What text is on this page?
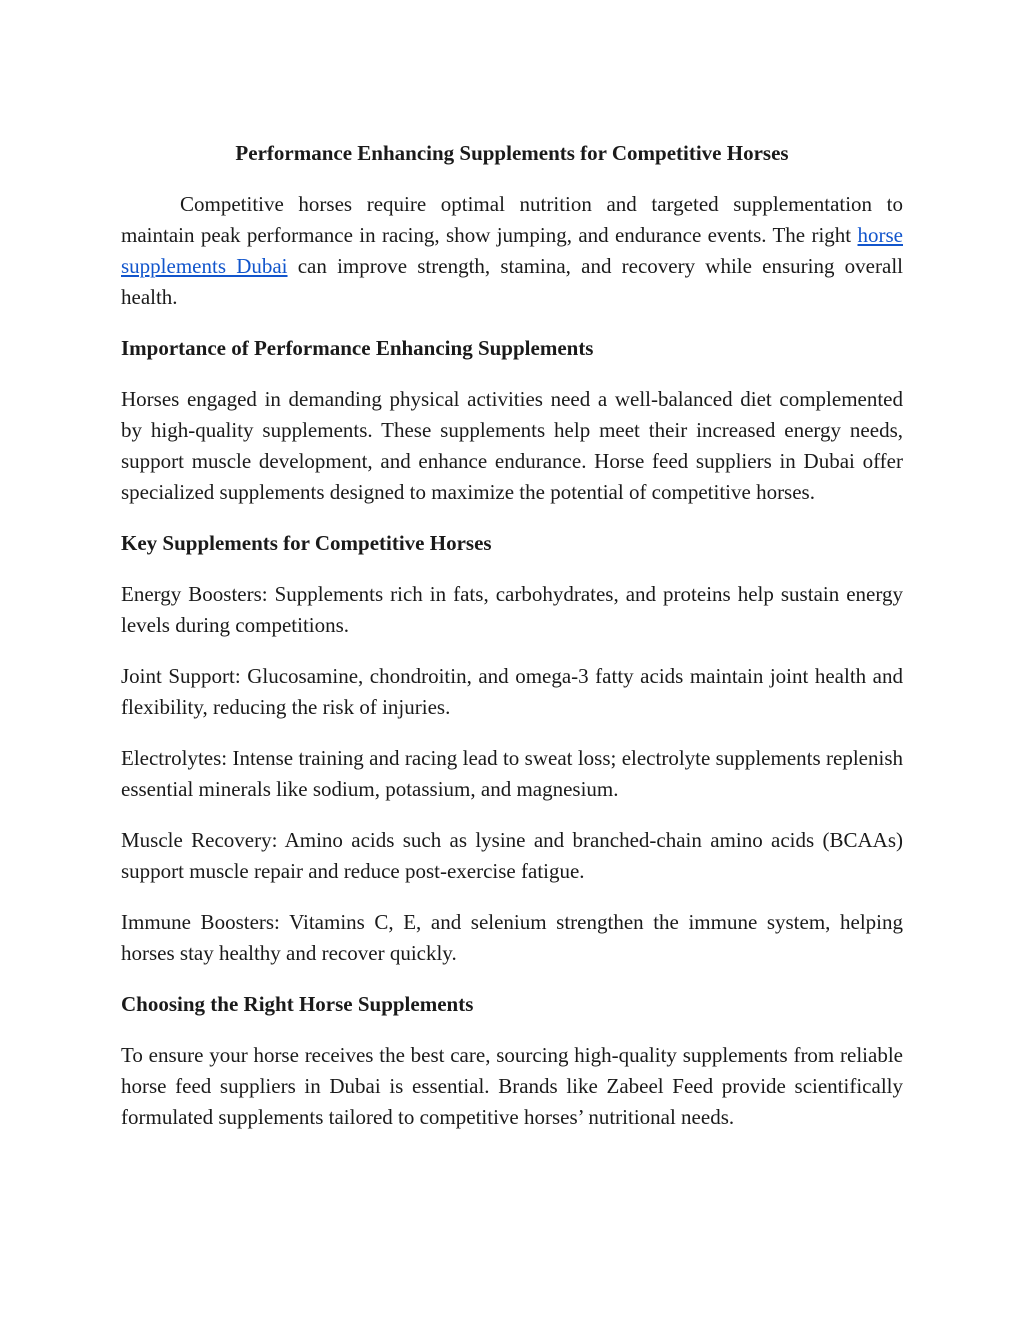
Performance Enhancing Supplements for Competitive Horses

Competitive horses require optimal nutrition and targeted supplementation to maintain peak performance in racing, show jumping, and endurance events. The right horse supplements Dubai can improve strength, stamina, and recovery while ensuring overall health.

Importance of Performance Enhancing Supplements

Horses engaged in demanding physical activities need a well-balanced diet complemented by high-quality supplements. These supplements help meet their increased energy needs, support muscle development, and enhance endurance. Horse feed suppliers in Dubai offer specialized supplements designed to maximize the potential of competitive horses.

Key Supplements for Competitive Horses

Energy Boosters: Supplements rich in fats, carbohydrates, and proteins help sustain energy levels during competitions.

Joint Support: Glucosamine, chondroitin, and omega-3 fatty acids maintain joint health and flexibility, reducing the risk of injuries.

Electrolytes: Intense training and racing lead to sweat loss; electrolyte supplements replenish essential minerals like sodium, potassium, and magnesium.

Muscle Recovery: Amino acids such as lysine and branched-chain amino acids (BCAAs) support muscle repair and reduce post-exercise fatigue.

Immune Boosters: Vitamins C, E, and selenium strengthen the immune system, helping horses stay healthy and recover quickly.

Choosing the Right Horse Supplements

To ensure your horse receives the best care, sourcing high-quality supplements from reliable horse feed suppliers in Dubai is essential. Brands like Zabeel Feed provide scientifically formulated supplements tailored to competitive horses’ nutritional needs.
